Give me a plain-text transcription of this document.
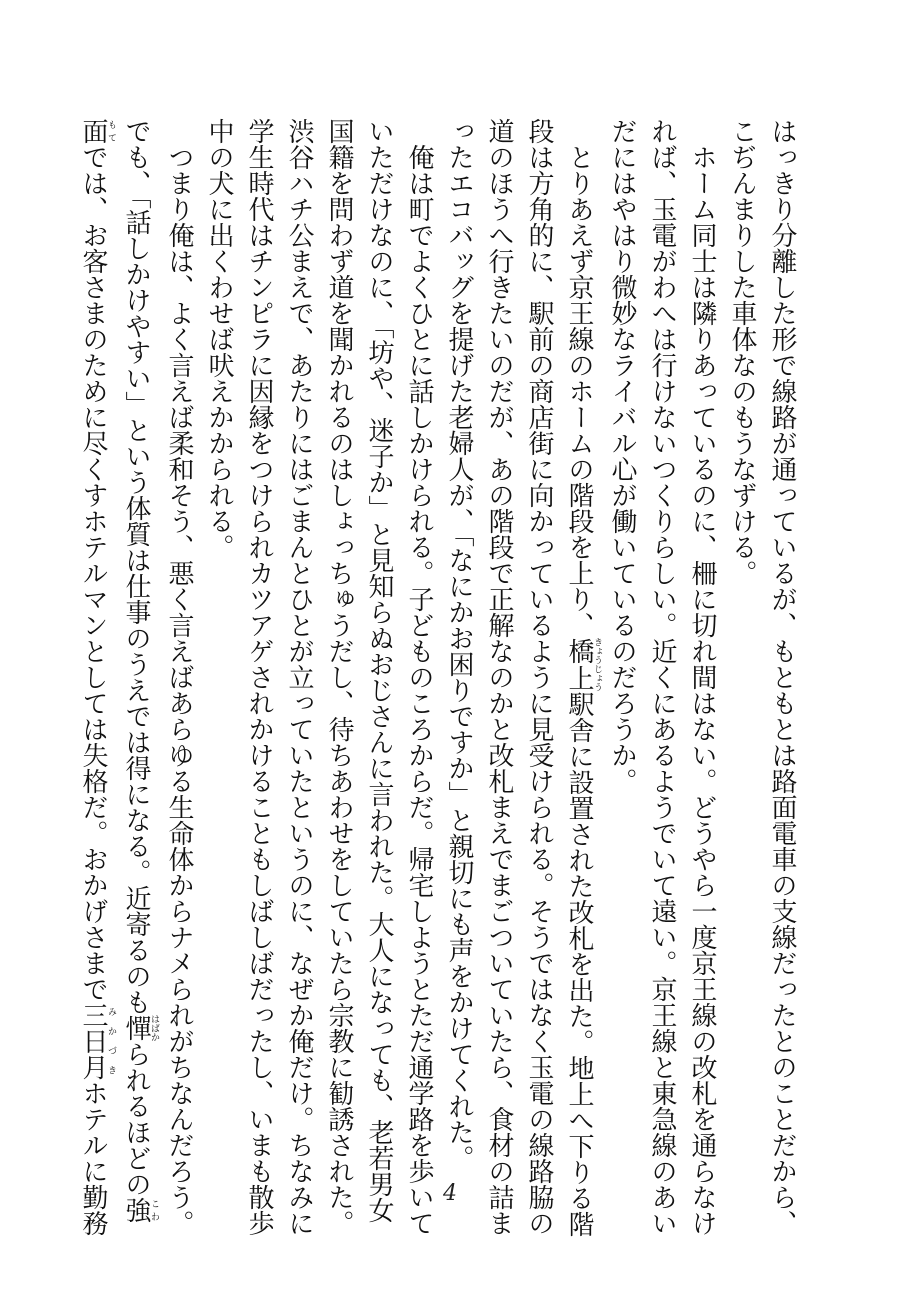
はっきり分離した形で線路が通っているが、もともとは路面電車の支線だったとのことだから、

こぢんまりした車体なのもうなずける。

ホーム同士は隣りあっているのに、柵に切れ間はない。どうやら一度京王線の改札を通らなけ

れば、玉電がわへは行けないつくりらしい。近くにあるようでいて遠い。京王線と東急線のあい

だにはやはり微妙なライバル心が働いているのだろうか。

とりあえず京王線のホームの階段を上り、橋上きょうじょう駅舎に設置された改札を出た。地上へ下りる階

段は方角的に、駅前の商店街に向かっているように見受けられる。そうではなく玉電の線路脇の

道のほうへ行きたいのだが、あの階段で正解なのかと改札まえでまごついていたら、食材の詰ま

ったエコバッグを提げた老婦人が、「なにかお困りですか」と親切にも声をかけてくれた。

俺は町でよくひとに話しかけられる。子どものころからだ。帰宅しようとただ通学路を歩いて

いただけなのに、「坊や、迷子か」と見知らぬおじさんに言われた。大人になっても、老若男女

国籍を問わず道を聞かれるのはしょっちゅうだし、待ちあわせをしていたら宗教に勧誘された。

渋谷ハチ公まえで、あたりにはごまんとひとが立っていたというのに、なぜか俺だけ。ちなみに

学生時代はチンピラに因縁をつけられカツアゲされかけることもしばしばだったし、いまも散歩

中の犬に出くわせば吠えかかられる。

つまり俺は、よく言えば柔和そう、悪く言えばあらゆる生命体からナメられがちなんだろう。

でも、「話しかけやすい」という体質は仕事のうえでは得になる。近寄るのも憚はばかられるほどの強こわ

面もてでは、お客さまのために尽くすホテルマンとしては失格だ。おかげさまで三日月みかづきホテルに勤務	4
